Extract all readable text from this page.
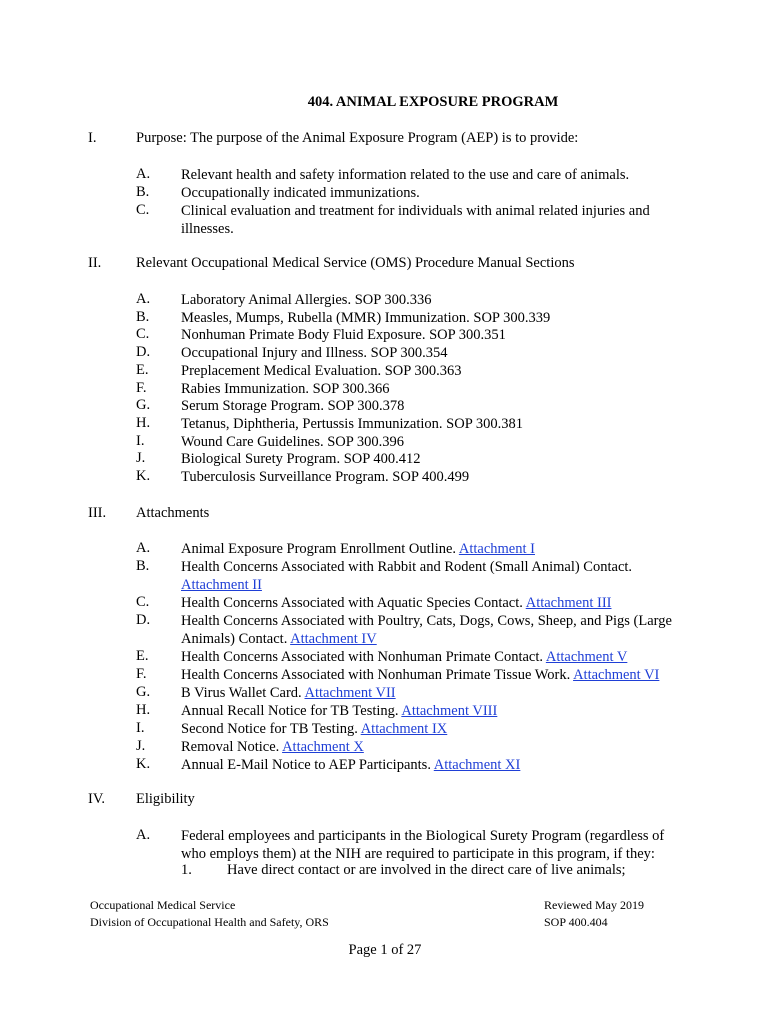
404. ANIMAL EXPOSURE PROGRAM
I.	Purpose: The purpose of the Animal Exposure Program (AEP) is to provide:
A. Relevant health and safety information related to the use and care of animals.
B. Occupationally indicated immunizations.
C. Clinical evaluation and treatment for individuals with animal related injuries and illnesses.
II. Relevant Occupational Medical Service (OMS) Procedure Manual Sections
A. Laboratory Animal Allergies. SOP 300.336
B. Measles, Mumps, Rubella (MMR) Immunization. SOP 300.339
C. Nonhuman Primate Body Fluid Exposure. SOP 300.351
D. Occupational Injury and Illness. SOP 300.354
E. Preplacement Medical Evaluation. SOP 300.363
F. Rabies Immunization. SOP 300.366
G. Serum Storage Program. SOP 300.378
H. Tetanus, Diphtheria, Pertussis Immunization. SOP 300.381
I.	Wound Care Guidelines. SOP 300.396
J. Biological Surety Program. SOP 400.412
K. Tuberculosis Surveillance Program. SOP 400.499
III. Attachments
A. Animal Exposure Program Enrollment Outline. Attachment I
B. Health Concerns Associated with Rabbit and Rodent (Small Animal) Contact.
Attachment II
C. Health Concerns Associated with Aquatic Species Contact. Attachment III
D. Health Concerns Associated with Poultry, Cats, Dogs, Cows, Sheep, and Pigs (Large Animals) Contact. Attachment IV
E. Health Concerns Associated with Nonhuman Primate Contact. Attachment V
F. Health Concerns Associated with Nonhuman Primate Tissue Work. Attachment VI
G. B Virus Wallet Card. Attachment VII
H. Annual Recall Notice for TB Testing. Attachment VIII
I.	Second Notice for TB Testing. Attachment IX
J. Removal Notice. Attachment X
K. Annual E-Mail Notice to AEP Participants. Attachment XI
IV. Eligibility
A. Federal employees and participants in the Biological Surety Program (regardless of who employs them) at the NIH are required to participate in this program, if they:
1. Have direct contact or are involved in the direct care of live animals;
Occupational Medical Service
Division of Occupational Health and Safety, ORS
Reviewed May 2019
SOP 400.404
Page 1 of 27
